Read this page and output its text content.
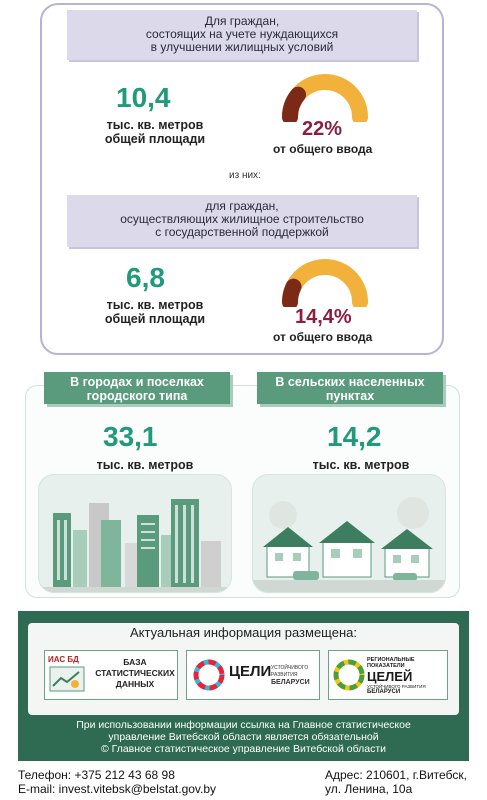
Для граждан,
состоящих на учете нуждающихся
в улучшении жилищных условий
10,4
тыс. кв. метров
общей площади	22%
от общего ввода
из них:
для граждан,
осуществляющих жилищное строительство
с государственной поддержкой
6,8
тыс. кв. метров
общей площади	14,4%
от общего ввода
В городах и поселках
городского типа
В сельских населенных
пунктах
33,1
тыс. кв. метров
14,2
тыс. кв. метров
Актуальная информация размещена:
ИАС БД	БАЗА
СТАТИСТИЧЕСКИХ
ДАННЫХ
ЦЕЛИ УСТОЙЧИВОГО РАЗВИТИЯ
БЕЛАРУСИ
РЕГИОНАЛЬНЫЕ ПОКАЗАТЕЛИ
ЦЕЛЕЙ
УСТОЙЧИВОГО РАЗВИТИЯ
БЕЛАРУСИ
При использовании информации ссылка на Главное статистическое
управление Витебской области является обязательной
© Главное статистическое управление Витебской области
Телефон: +375 212 43 68 98
E-mail: invest.vitebsk@belstat.gov.by
Адрес: 210601, г.Витебск,
ул. Ленина, 10а
